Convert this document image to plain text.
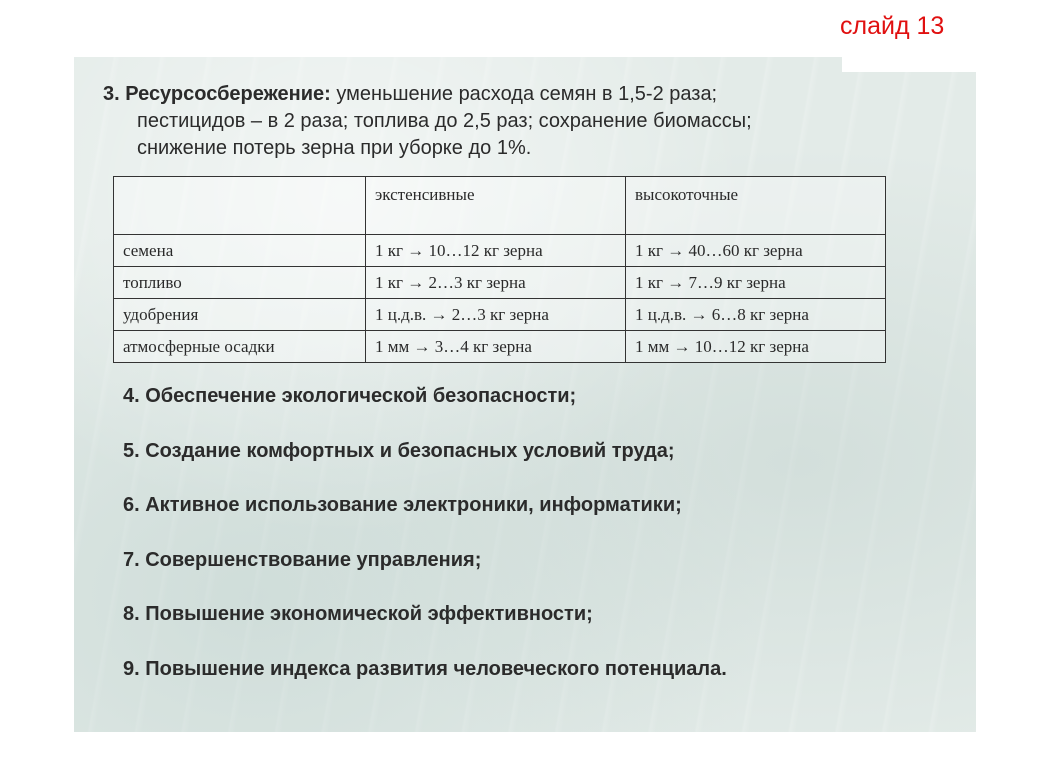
слайд 13
3. Ресурсосбережение: уменьшение расхода семян в 1,5-2 раза;
пестицидов – в 2 раза; топлива до 2,5 раз; сохранение биомассы;
снижение потерь зерна при уборке до 1%.
	экстенсивные	высокоточные
семена	1 кг → 10…12 кг зерна	1 кг → 40…60 кг зерна
топливо	1 кг → 2…3 кг зерна	1 кг → 7…9 кг зерна
удобрения	1 ц.д.в. → 2…3 кг зерна	1 ц.д.в. → 6…8 кг зерна
атмосферные осадки	1 мм → 3…4 кг зерна	1 мм → 10…12 кг зерна
4. Обеспечение экологической безопасности;
5. Создание комфортных и безопасных условий труда;
6. Активное использование электроники, информатики;
7. Совершенствование управления;
8. Повышение экономической эффективности;
9. Повышение индекса развития человеческого потенциала.
